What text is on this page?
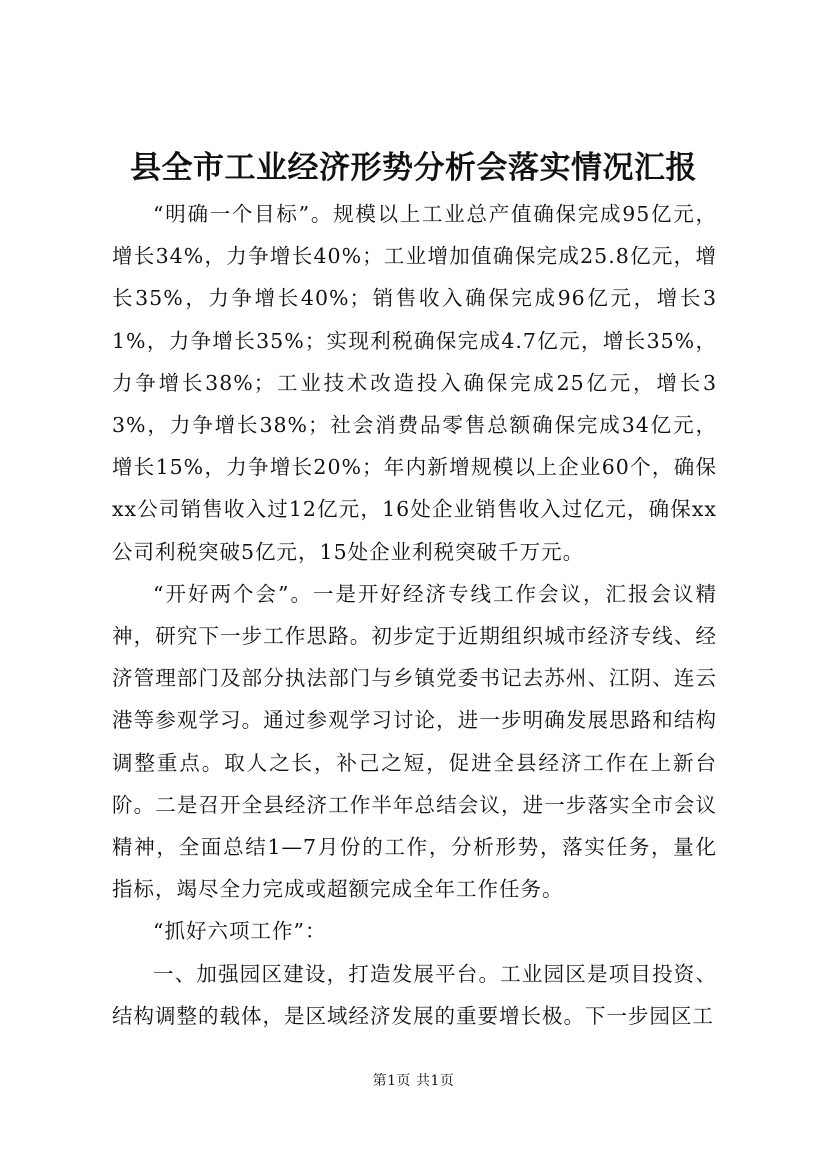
县全市工业经济形势分析会落实情况汇报

“明确一个目标”。规模以上工业总产值确保完成95亿元，增长34%，力争增长40%；工业增加值确保完成25.8亿元，增长35%，力争增长40%；销售收入确保完成96亿元，增长31%，力争增长35%；实现利税确保完成4.7亿元，增长35%，力争增长38%；工业技术改造投入确保完成25亿元，增长33%，力争增长38%；社会消费品零售总额确保完成34亿元，增长15%，力争增长20%；年内新增规模以上企业60个，确保xx公司销售收入过12亿元，16处企业销售收入过亿元，确保xx公司利税突破5亿元，15处企业利税突破千万元。

“开好两个会”。一是开好经济专线工作会议，汇报会议精神，研究下一步工作思路。初步定于近期组织城市经济专线、经济管理部门及部分执法部门与乡镇党委书记去苏州、江阴、连云港等参观学习。通过参观学习讨论，进一步明确发展思路和结构调整重点。取人之长，补己之短，促进全县经济工作在上新台阶。二是召开全县经济工作半年总结会议，进一步落实全市会议精神，全面总结1—7月份的工作，分析形势，落实任务，量化指标，竭尽全力完成或超额完成全年工作任务。

“抓好六项工作”：

一、加强园区建设，打造发展平台。工业园区是项目投资、结构调整的载体，是区域经济发展的重要增长极。下一步园区工

第1页 共1页
